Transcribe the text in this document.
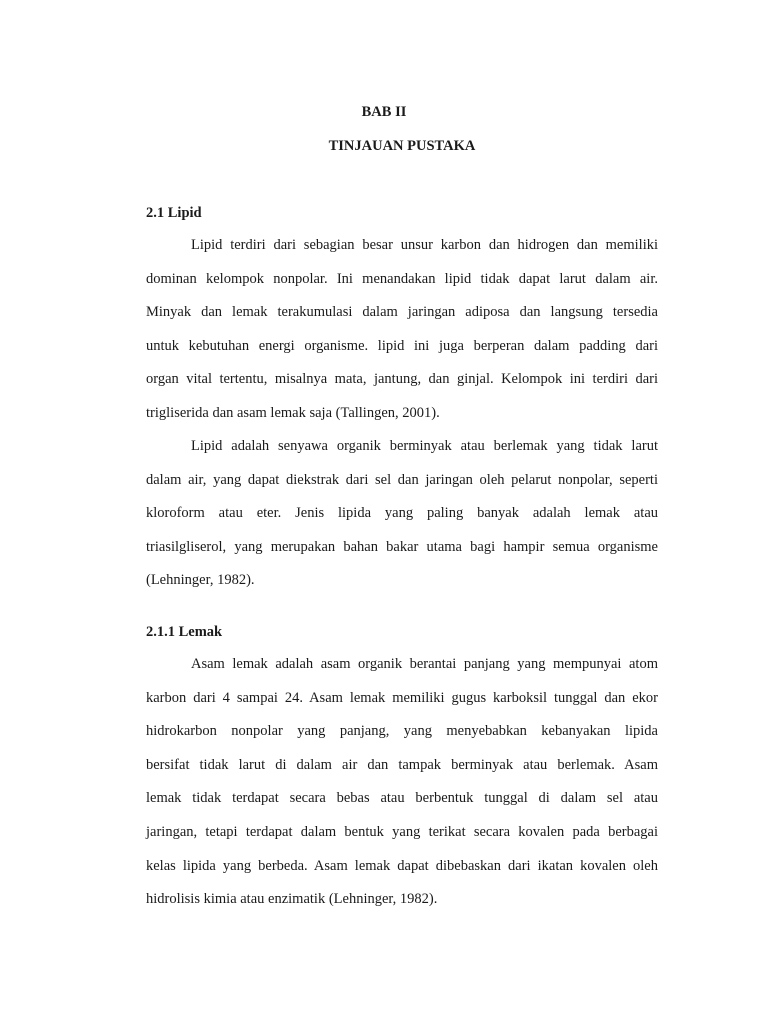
BAB II
TINJAUAN PUSTAKA
2.1 Lipid
Lipid terdiri dari sebagian besar unsur karbon dan hidrogen dan memiliki
dominan kelompok nonpolar. Ini menandakan lipid tidak dapat larut dalam air.
Minyak dan lemak terakumulasi dalam jaringan adiposa dan langsung tersedia
untuk kebutuhan energi organisme. lipid ini juga berperan dalam padding dari
organ vital tertentu, misalnya mata, jantung, dan ginjal. Kelompok ini terdiri dari
trigliserida dan asam lemak saja (Tallingen, 2001).
Lipid adalah senyawa organik berminyak atau berlemak yang tidak larut
dalam air, yang dapat diekstrak dari sel dan jaringan oleh pelarut nonpolar, seperti
kloroform atau eter. Jenis lipida yang paling banyak adalah lemak atau
triasilgliserol, yang merupakan bahan bakar utama bagi hampir semua organisme
(Lehninger, 1982).
2.1.1 Lemak
Asam lemak adalah asam organik berantai panjang yang mempunyai atom
karbon dari 4 sampai 24. Asam lemak memiliki gugus karboksil tunggal dan ekor
hidrokarbon nonpolar yang panjang, yang menyebabkan kebanyakan lipida
bersifat tidak larut di dalam air dan tampak berminyak atau berlemak. Asam
lemak tidak terdapat secara bebas atau berbentuk tunggal di dalam sel atau
jaringan, tetapi terdapat dalam bentuk yang terikat secara kovalen pada berbagai
kelas lipida yang berbeda. Asam lemak dapat dibebaskan dari ikatan kovalen oleh
hidrolisis kimia atau enzimatik (Lehninger, 1982).
